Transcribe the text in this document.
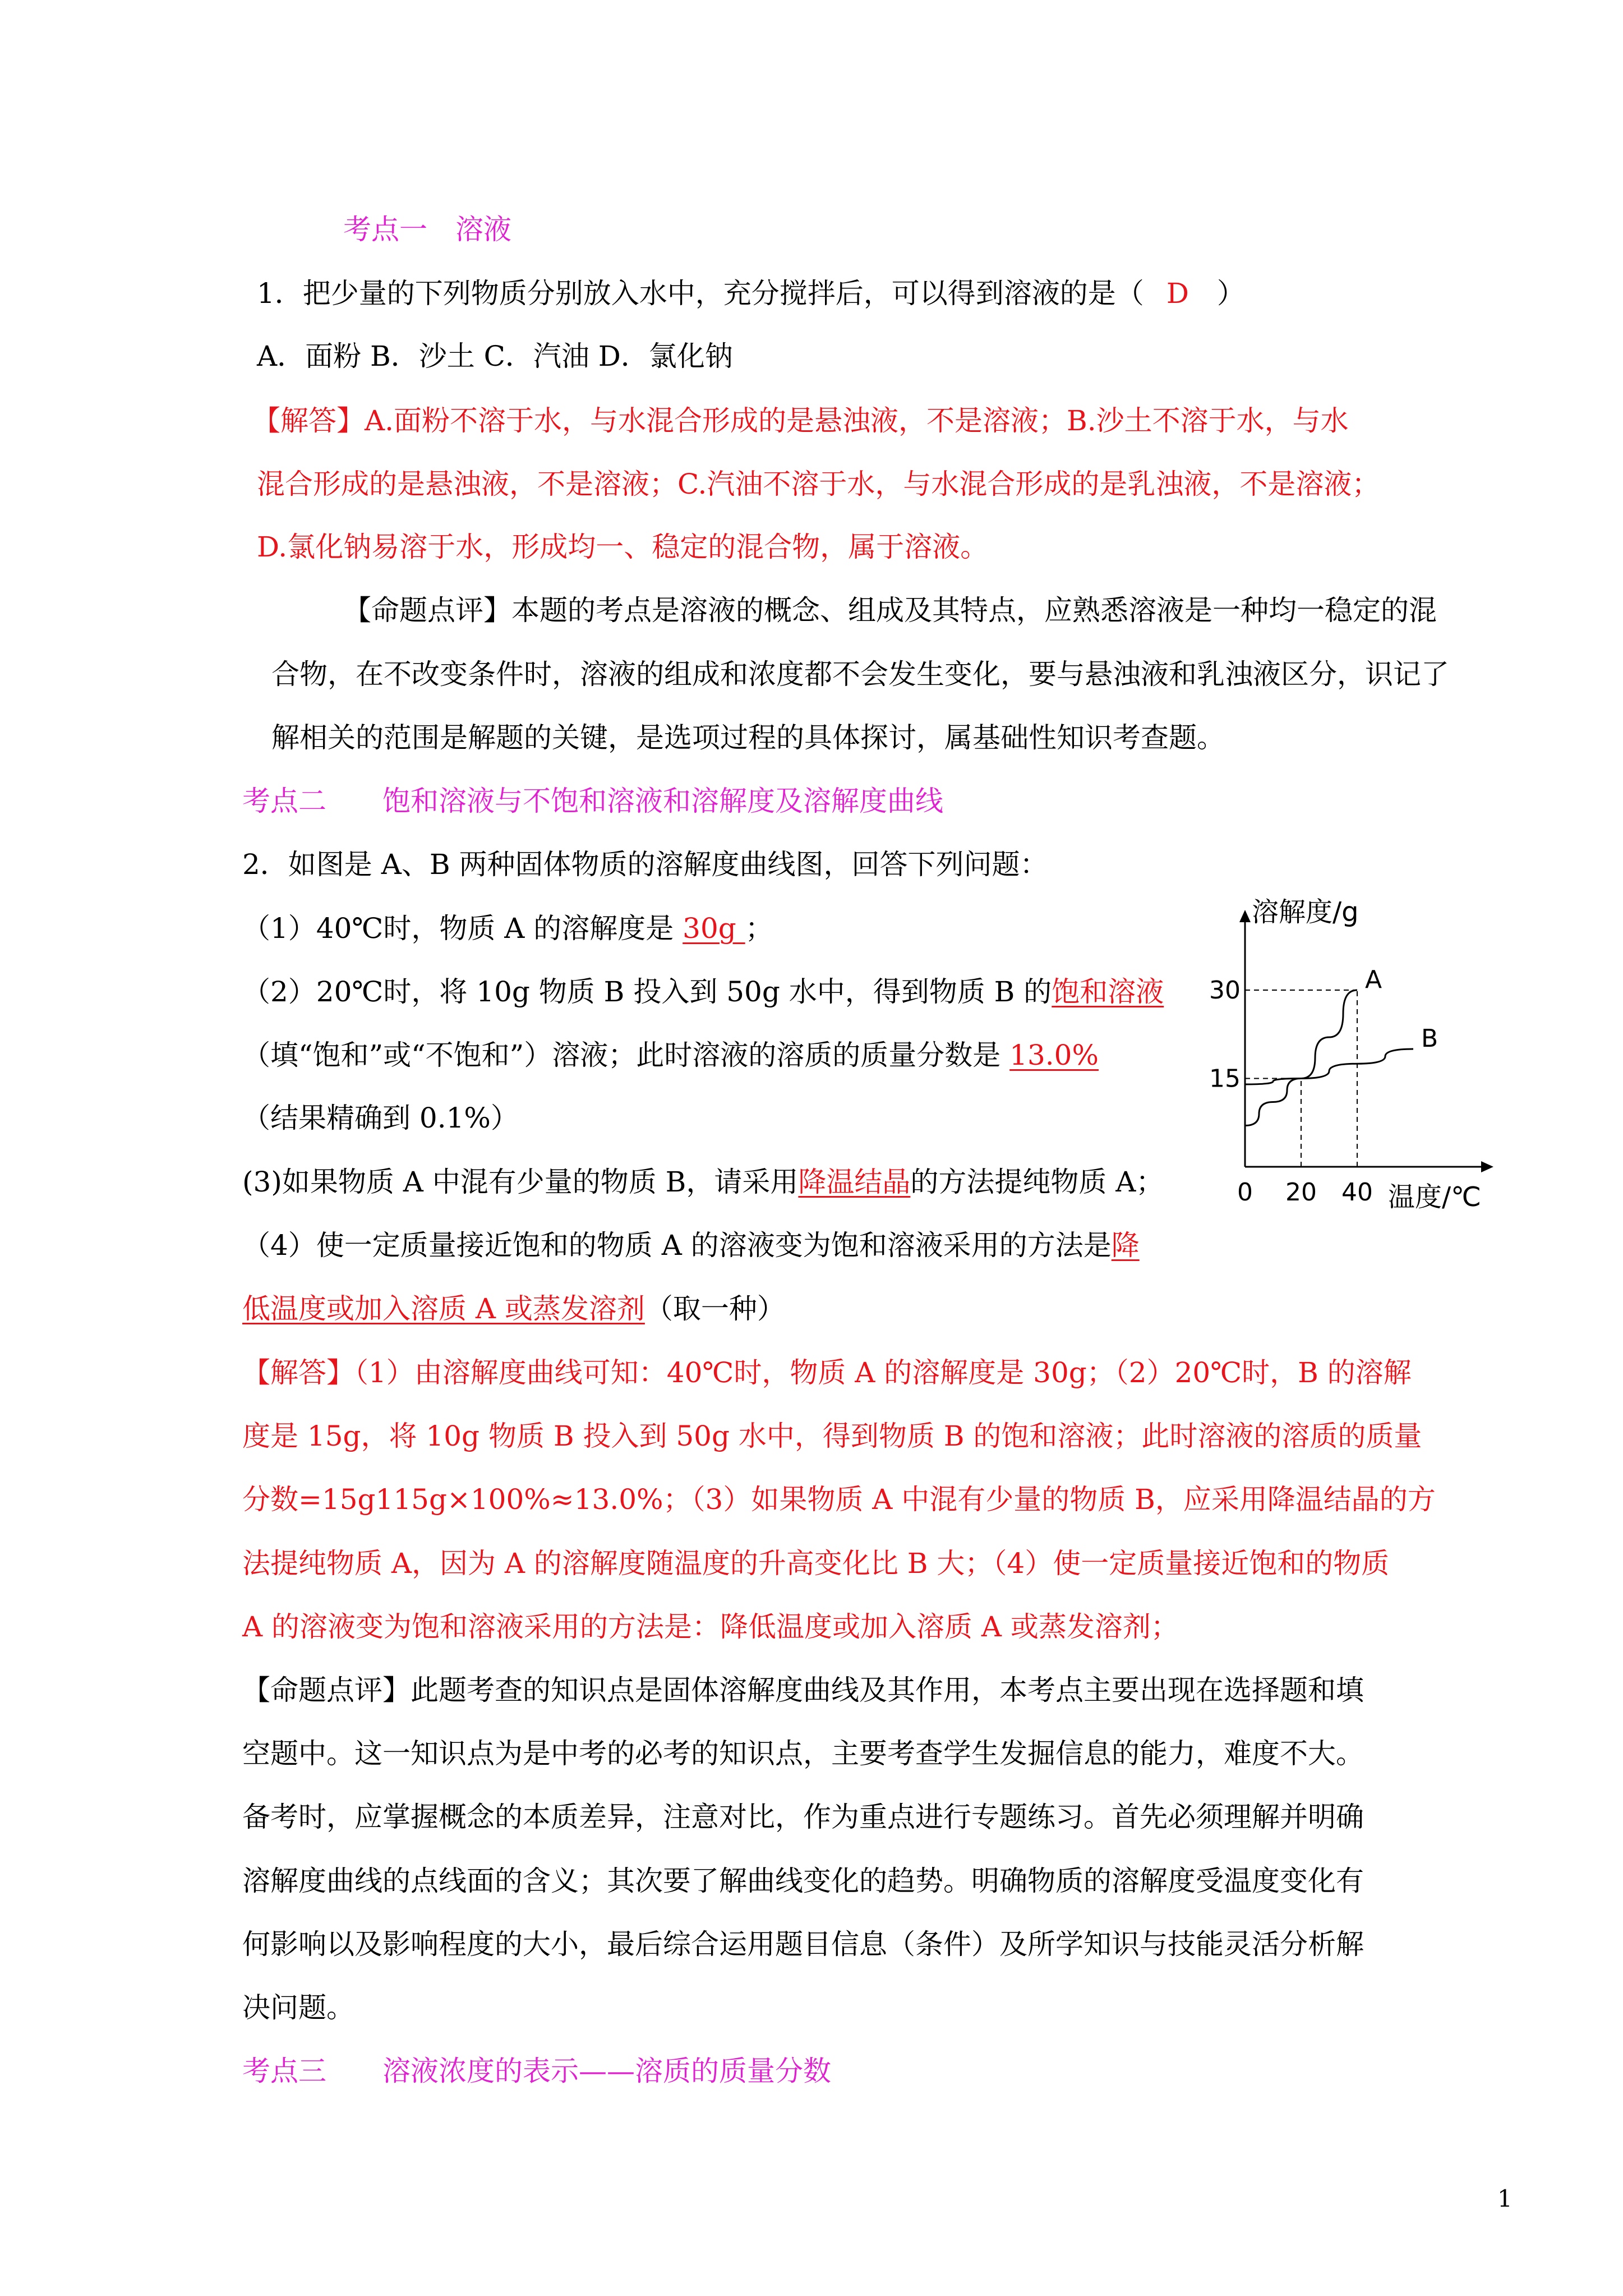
考点一　溶液
1．把少量的下列物质分别放入水中，充分搅拌后，可以得到溶液的是（ D ）
A．面粉 B．沙土 C．汽油 D．氯化钠
【解答】A.面粉不溶于水，与水混合形成的是悬浊液，不是溶液；B.沙土不溶于水，与水
混合形成的是悬浊液，不是溶液；C.汽油不溶于水，与水混合形成的是乳浊液，不是溶液；
D.氯化钠易溶于水，形成均一、稳定的混合物，属于溶液。
【命题点评】本题的考点是溶液的概念、组成及其特点，应熟悉溶液是一种均一稳定的混
合物，在不改变条件时，溶液的组成和浓度都不会发生变化，要与悬浊液和乳浊液区分，识记了
解相关的范围是解题的关键，是选项过程的具体探讨，属基础性知识考查题。
考点二　　饱和溶液与不饱和溶液和溶解度及溶解度曲线
2．如图是 A、B 两种固体物质的溶解度曲线图，回答下列问题：
（1）40℃时，物质 A 的溶解度是 30g ；
（2）20℃时，将 10g 物质 B 投入到 50g 水中，得到物质 B 的饱和溶液
（填“饱和”或“不饱和”）溶液；此时溶液的溶质的质量分数是 13.0%
（结果精确到 0.1%）
(3)如果物质 A 中混有少量的物质 B，请采用降温结晶的方法提纯物质 A；
（4）使一定质量接近饱和的物质 A 的溶液变为饱和溶液采用的方法是降
低温度或加入溶质 A 或蒸发溶剂（取一种）
【解答】（1）由溶解度曲线可知：40℃时，物质 A 的溶解度是 30g；（2）20℃时，B 的溶解
度是 15g，将 10g 物质 B 投入到 50g 水中，得到物质 B 的饱和溶液；此时溶液的溶质的质量
分数=15g115g×100%≈13.0%；（3）如果物质 A 中混有少量的物质 B，应采用降温结晶的方
法提纯物质 A，因为 A 的溶解度随温度的升高变化比 B 大；（4）使一定质量接近饱和的物质
A 的溶液变为饱和溶液采用的方法是：降低温度或加入溶质 A 或蒸发溶剂；
【命题点评】此题考查的知识点是固体溶解度曲线及其作用，本考点主要出现在选择题和填
空题中。这一知识点为是中考的必考的知识点，主要考查学生发掘信息的能力，难度不大。
备考时，应掌握概念的本质差异，注意对比，作为重点进行专题练习。首先必须理解并明确
溶解度曲线的点线面的含义；其次要了解曲线变化的趋势。明确物质的溶解度受温度变化有
何影响以及影响程度的大小，最后综合运用题目信息（条件）及所学知识与技能灵活分析解
决问题。
考点三　　溶液浓度的表示——溶质的质量分数
1
A
B
0 20 40
15
30
溶解度/g
温度/℃
